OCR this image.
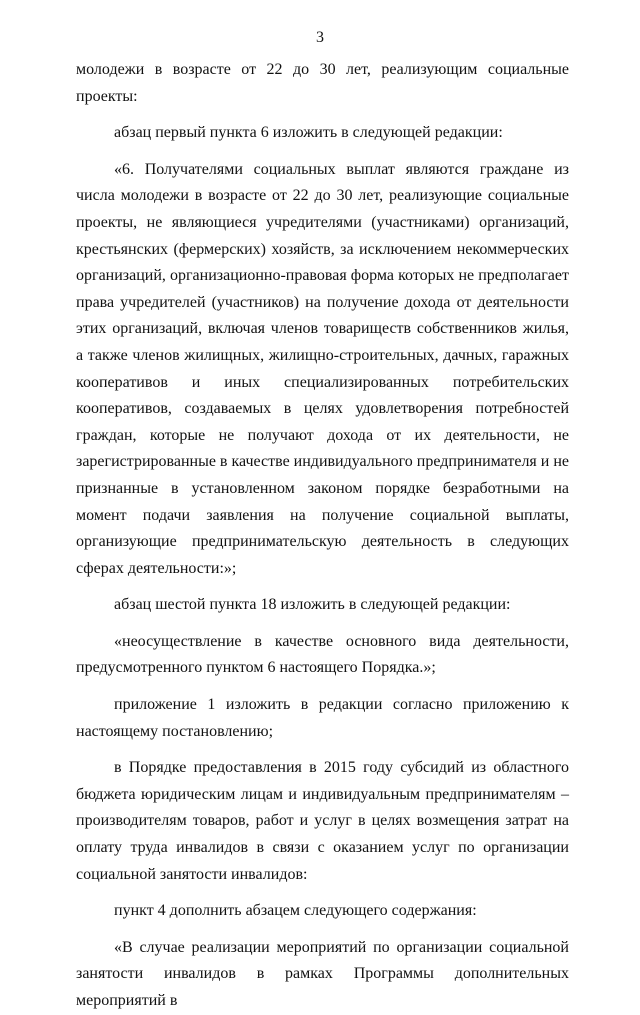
3

молодежи в возрасте от 22 до 30 лет, реализующим социальные проекты:

абзац первый пункта 6 изложить в следующей редакции:

«6. Получателями социальных выплат являются граждане из числа молодежи в возрасте от 22 до 30 лет, реализующие социальные проекты, не являющиеся учредителями (участниками) организаций, крестьянских (фермерских) хозяйств, за исключением некоммерческих организаций, организационно-правовая форма которых не предполагает права учредителей (участников) на получение дохода от деятельности этих организаций, включая членов товариществ собственников жилья, а также членов жилищных, жилищно-строительных, дачных, гаражных кооперативов и иных специализированных потребительских кооперативов, создаваемых в целях удовлетворения потребностей граждан, которые не получают дохода от их деятельности, не зарегистрированные в качестве индивидуального предпринимателя и не признанные в установленном законом порядке безработными на момент подачи заявления на получение социальной выплаты, организующие предпринимательскую деятельность в следующих сферах деятельности:»;

абзац шестой пункта 18 изложить в следующей редакции:

«неосуществление в качестве основного вида деятельности, предусмотренного пунктом 6 настоящего Порядка.»;

приложение 1 изложить в редакции согласно приложению к настоящему постановлению;

в Порядке предоставления в 2015 году субсидий из областного бюджета юридическим лицам и индивидуальным предпринимателям – производителям товаров, работ и услуг в целях возмещения затрат на оплату труда инвалидов в связи с оказанием услуг по организации социальной занятости инвалидов:

пункт 4 дополнить абзацем следующего содержания:

«В случае реализации мероприятий по организации социальной занятости инвалидов в рамках Программы дополнительных мероприятий в
